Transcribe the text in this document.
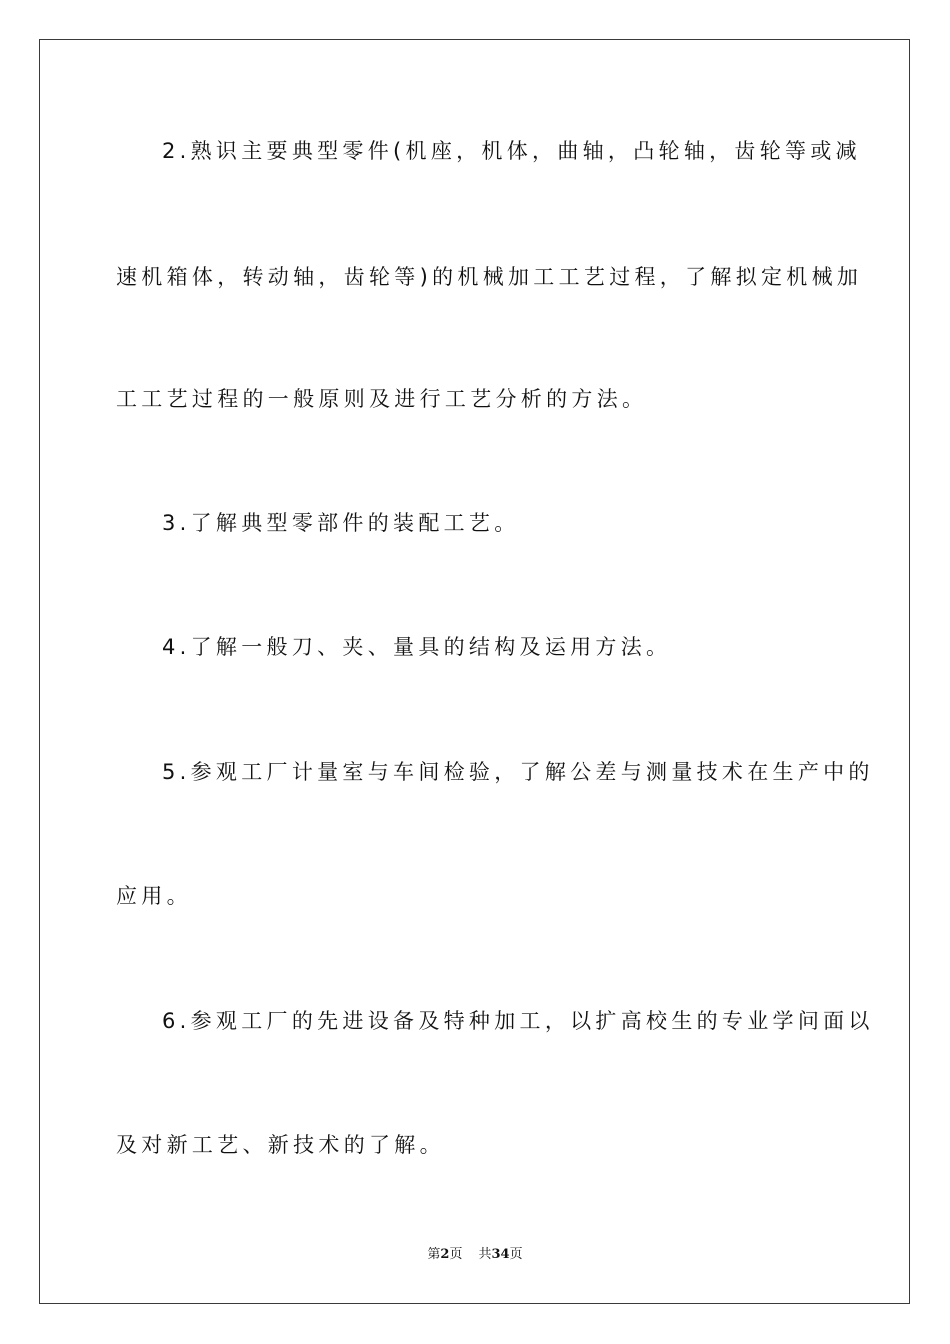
2.熟识主要典型零件(机座，机体，曲轴，凸轮轴，齿轮等或减
速机箱体，转动轴，齿轮等)的机械加工工艺过程，了解拟定机械加
工工艺过程的一般原则及进行工艺分析的方法。
3.了解典型零部件的装配工艺。
4.了解一般刀、夹、量具的结构及运用方法。
5.参观工厂计量室与车间检验，了解公差与测量技术在生产中的
应用。
6.参观工厂的先进设备及特种加工，以扩高校生的专业学问面以
及对新工艺、新技术的了解。
第2页 共34页
